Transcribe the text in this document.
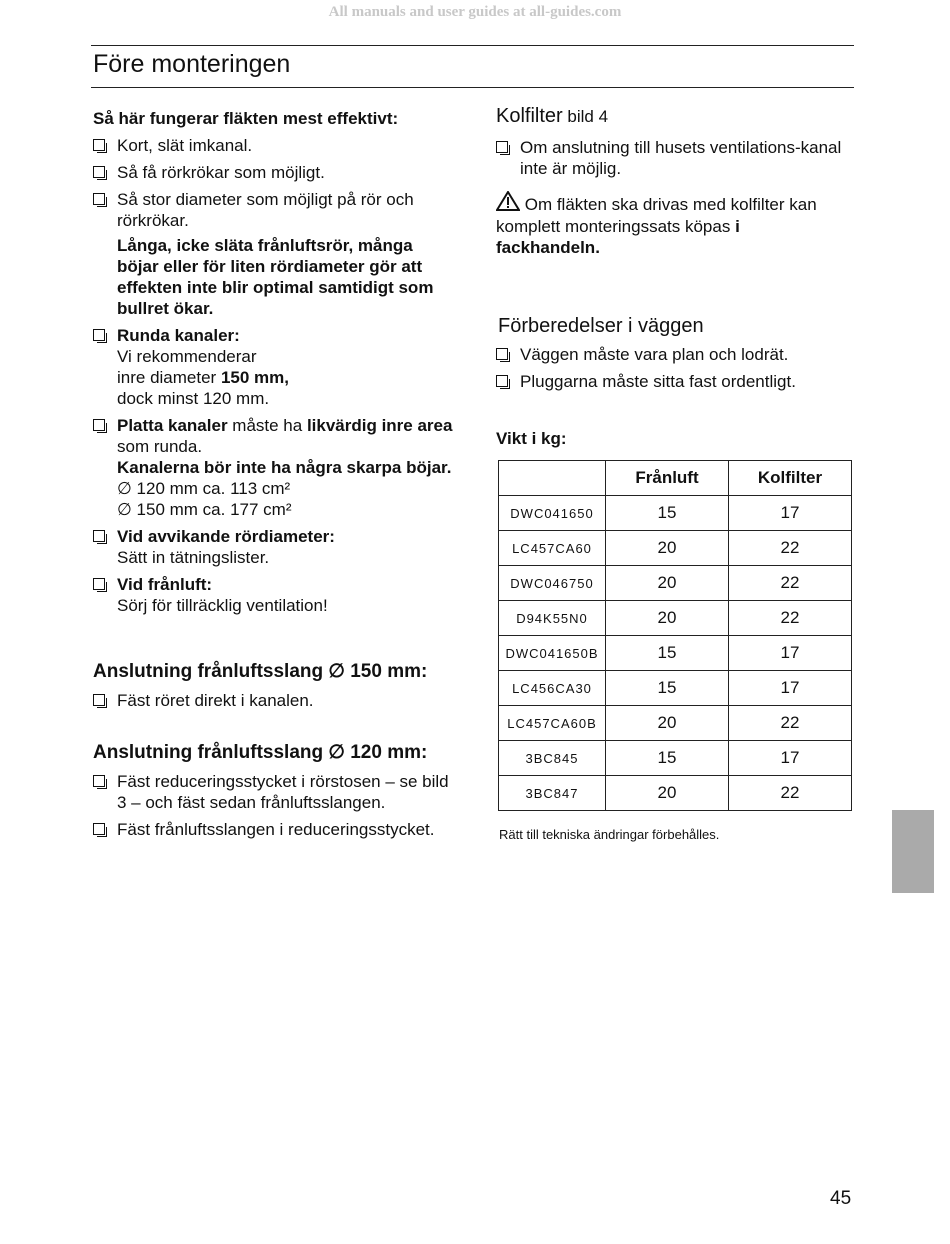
All manuals and user guides at all-guides.com
Före monteringen

Så här fungerar fläkten mest effektivt:

Kort, slät imkanal.
Så få rörkrökar som möjligt.
Så stor diameter som möjligt på rör och rörkrökar.
Långa, icke släta frånluftsrör, många böjar eller för liten rördiameter gör att effekten inte blir optimal samtidigt som bullret ökar.
Runda kanaler:
Vi rekommenderar
inre diameter 150 mm,
dock minst 120 mm.
Platta kanaler måste ha likvärdig inre area som runda.
Kanalerna bör inte ha några skarpa böjar.
∅ 120 mm ca. 113 cm²
∅ 150 mm ca. 177 cm²
Vid avvikande rördiameter:
Sätt in tätningslister.
Vid frånluft:
Sörj för tillräcklig ventilation!

Anslutning frånluftsslang ∅ 150 mm:

Fäst röret direkt i kanalen.

Anslutning frånluftsslang ∅ 120 mm:

Fäst reduceringsstycket i rörstosen – se bild 3 – och fäst sedan frånluftsslangen.
Fäst frånluftsslangen i reduceringsstycket.

Kolfilter bild 4

Om anslutning till husets ventilations-kanal inte är möjlig.
Om fläkten ska drivas med kolfilter kan komplett monteringssats köpas i fackhandeln.

Förberedelser i väggen

Väggen måste vara plan och lodrät.
Pluggarna måste sitta fast ordentligt.

Vikt i kg:

	Frånluft	Kolfilter
DWC041650	15	17
LC457CA60	20	22
DWC046750	20	22
D94K55N0	20	22
DWC041650B	15	17
LC456CA30	15	17
LC457CA60B	20	22
3BC845	15	17
3BC847	20	22
Rätt till tekniska ändringar förbehålles.
45
